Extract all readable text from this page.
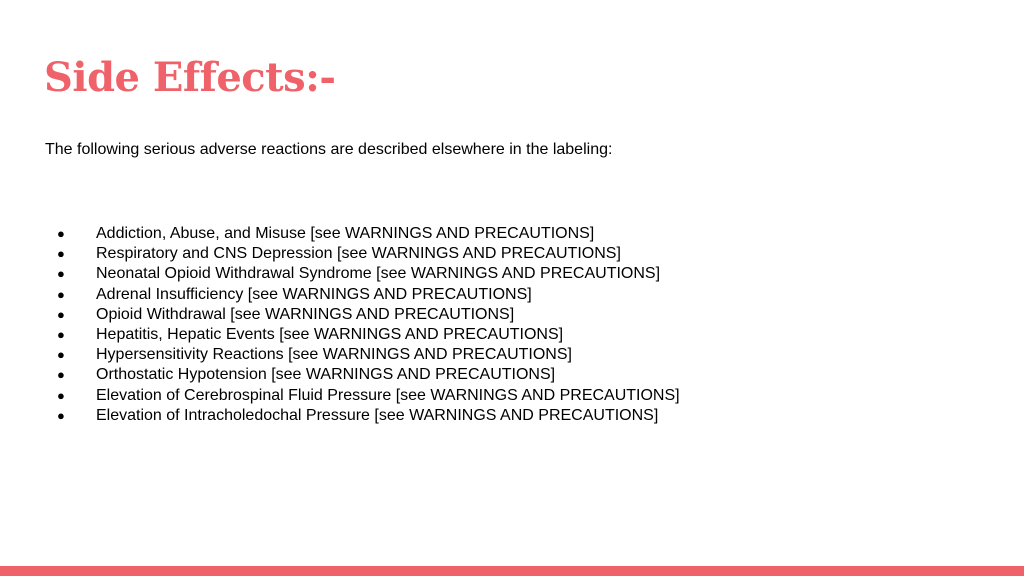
Side Effects:-

The following serious adverse reactions are described elsewhere in the labeling:

● Addiction, Abuse, and Misuse [see WARNINGS AND PRECAUTIONS]
● Respiratory and CNS Depression [see WARNINGS AND PRECAUTIONS]
● Neonatal Opioid Withdrawal Syndrome [see WARNINGS AND PRECAUTIONS]
● Adrenal Insufficiency [see WARNINGS AND PRECAUTIONS]
● Opioid Withdrawal [see WARNINGS AND PRECAUTIONS]
● Hepatitis, Hepatic Events [see WARNINGS AND PRECAUTIONS]
● Hypersensitivity Reactions [see WARNINGS AND PRECAUTIONS]
● Orthostatic Hypotension [see WARNINGS AND PRECAUTIONS]
● Elevation of Cerebrospinal Fluid Pressure [see WARNINGS AND PRECAUTIONS]
● Elevation of Intracholedochal Pressure [see WARNINGS AND PRECAUTIONS]
